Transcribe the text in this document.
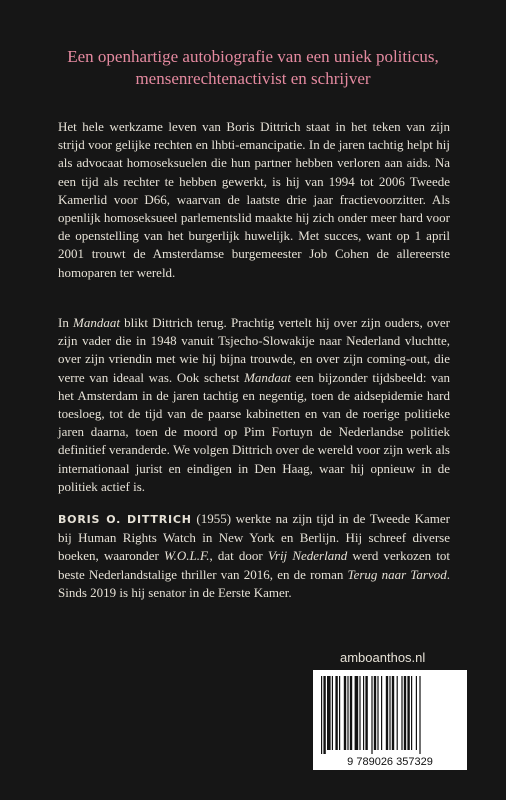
Een openhartige autobiografie van een uniek politicus, mensenrechtenactivist en schrijver

Het hele werkzame leven van Boris Dittrich staat in het teken van zijn strijd voor gelijke rechten en lhbti-emancipatie. In de jaren tachtig helpt hij als advocaat homoseksuelen die hun partner hebben verloren aan aids. Na een tijd als rechter te hebben gewerkt, is hij van 1994 tot 2006 Tweede Kamerlid voor D66, waarvan de laatste drie jaar fractievoorzitter. Als openlijk homoseksueel parlementslid maakte hij zich onder meer hard voor de openstelling van het burgerlijk huwelijk. Met succes, want op 1 april 2001 trouwt de Amsterdamse burgemeester Job Cohen de allereerste homoparen ter wereld.

In Mandaat blikt Dittrich terug. Prachtig vertelt hij over zijn ouders, over zijn vader die in 1948 vanuit Tsjecho-Slowakije naar Nederland vluchtte, over zijn vriendin met wie hij bijna trouwde, en over zijn coming-out, die verre van ideaal was. Ook schetst Mandaat een bijzonder tijdsbeeld: van het Amsterdam in de jaren tachtig en negentig, toen de aidsepidemie hard toesloeg, tot de tijd van de paarse kabinetten en van de roerige politieke jaren daarna, toen de moord op Pim Fortuyn de Nederlandse politiek definitief veranderde. We volgen Dittrich over de wereld voor zijn werk als internationaal jurist en eindigen in Den Haag, waar hij opnieuw in de politiek actief is.

BORIS O. DITTRICH (1955) werkte na zijn tijd in de Tweede Kamer bij Human Rights Watch in New York en Berlijn. Hij schreef diverse boeken, waaronder W.O.L.F., dat door Vrij Nederland werd verkozen tot beste Nederlandstalige thriller van 2016, en de roman Terug naar Tarvod. Sinds 2019 is hij senator in de Eerste Kamer.

amboanthos.nl
9 789026 357329
